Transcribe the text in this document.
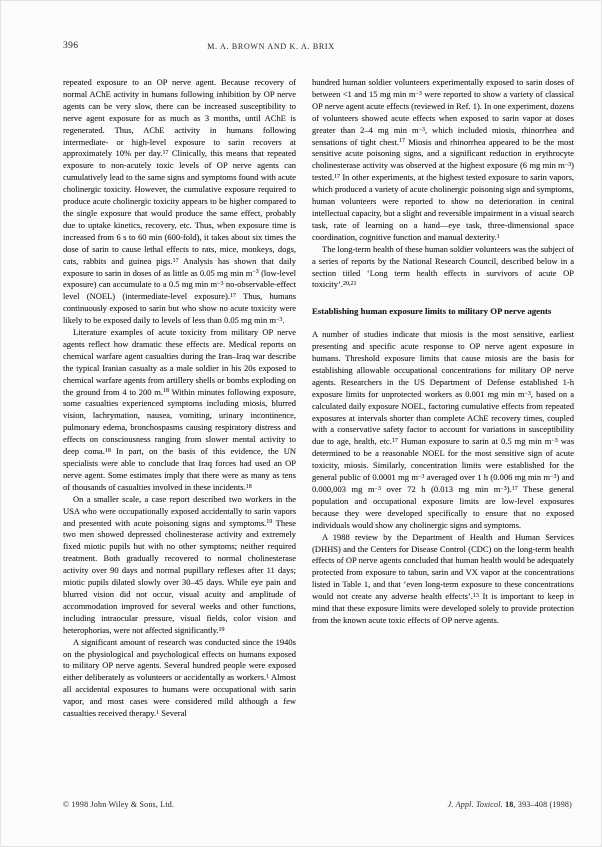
396	M. A. BROWN AND K. A. BRIX

repeated exposure to an OP nerve agent. Because recovery of normal AChE activity in humans following inhibition by OP nerve agents can be very slow, there can be increased susceptibility to nerve agent exposure for as much as 3 months, until AChE is regenerated. Thus, AChE activity in humans following intermediate- or high-level exposure to sarin recovers at approximately 10% per day.$^{17}$ Clinically, this means that repeated exposure to non-acutely toxic levels of OP nerve agents can cumulatively lead to the same signs and symptoms found with acute cholinergic toxicity. However, the cumulative exposure required to produce acute cholinergic toxicity appears to be higher compared to the single exposure that would produce the same effect, probably due to uptake kinetics, recovery, etc. Thus, when exposure time is increased from 6 s to 60 min (600-fold), it takes about six times the dose of sarin to cause lethal effects to rats, mice, monkeys, dogs, cats, rabbits and guinea pigs.$^{17}$ Analysis has shown that daily exposure to sarin in doses of as little as 0.05 mg $\min m^{-3}$ (low-level exposure) can accumulate to a 0.5 mg $\min m^{-3}$ no-observable-effect level (NOEL) (intermediate-level exposure).$^{17}$ Thus, humans continuously exposed to sarin but who show no acute toxicity were likely to be exposed daily to levels of less than 0.05 mg $\min m^{-3}$.

Literature examples of acute toxicity from military OP nerve agents reflect how dramatic these effects are. Medical reports on chemical warfare agent casualties during the Iran–Iraq war describe the typical Iranian casualty as a male soldier in his 20s exposed to chemical warfare agents from artillery shells or bombs exploding on the ground from 4 to 200 m.$^{18}$ Within minutes following exposure, some casualties experienced symptoms including miosis, blurred vision, lachrymation, nausea, vomiting, urinary incontinence, pulmonary edema, bronchospasms causing respiratory distress and effects on consciousness ranging from slower mental activity to deep coma.$^{18}$ In part, on the basis of this evidence, the UN specialists were able to conclude that Iraq forces had used an OP nerve agent. Some estimates imply that there were as many as tens of thousands of casualties involved in these incidents.$^{18}$

On a smaller scale, a case report described two workers in the USA who were occupationally exposed accidentally to sarin vapors and presented with acute poisoning signs and symptoms.$^{19}$ These two men showed depressed cholinesterase activity and extremely fixed miotic pupils but with no other symptoms; neither required treatment. Both gradually recovered to normal cholinesterase activity over 90 days and normal pupillary reflexes after 11 days; miotic pupils dilated slowly over 30–45 days. While eye pain and blurred vision did not occur, visual acuity and amplitude of accommodation improved for several weeks and other functions, including intraocular pressure, visual fields, color vision and heterophorias, were not affected significantly.$^{19}$

A significant amount of research was conducted since the 1940s on the physiological and psychological effects on humans exposed to military OP nerve agents. Several hundred people were exposed either deliberately as volunteers or accidentally as workers.$^1$ Almost all accidental exposures to humans were occupational with sarin vapor, and most cases were considered mild although a few casualties received therapy.$^1$ Several

hundred human soldier volunteers experimentally exposed to sarin doses of between <1 and 15 mg $\min m^{-3}$ were reported to show a variety of classical OP nerve agent acute effects (reviewed in Ref. 1). In one experiment, dozens of volunteers showed acute effects when exposed to sarin vapor at doses greater than 2–4 mg $\min m^{-3}$, which included miosis, rhinorrhea and sensations of tight chest.$^{17}$ Miosis and rhinorrhea appeared to be the most sensitive acute poisoning signs, and a significant reduction in erythrocyte cholinesterase activity was observed at the highest exposure (6 mg $\min m^{-3}$) tested.$^{17}$ In other experiments, at the highest tested exposure to sarin vapors, which produced a variety of acute cholinergic poisoning sign and symptoms, human volunteers were reported to show no deterioration in central intellectual capacity, but a slight and reversible impairment in a visual search task, rate of learning on a hand—eye task, three-dimensional space coordination, cognitive function and manual dexterity.$^1$

The long-term health of these human soldier volunteers was the subject of a series of reports by the National Research Council, described below in a section titled ‘Long term health effects in survivors of acute OP toxicity’.$^{20,21}$

Establishing human exposure limits to military OP nerve agents

A number of studies indicate that miosis is the most sensitive, earliest presenting and specific acute response to OP nerve agent exposure in humans. Threshold exposure limits that cause miosis are the basis for establishing allowable occupational concentrations for military OP nerve agents. Researchers in the US Department of Defense established 1-h exposure limits for unprotected workers as 0.001 mg $\min m^{-3}$, based on a calculated daily exposure NOEL, factoring cumulative effects from repeated exposures at intervals shorter than complete AChE recovery times, coupled with a conservative safety factor to account for variations in susceptibility due to age, health, etc.$^{17}$ Human exposure to sarin at 0.5 mg $\min m^{-3}$ was determined to be a reasonable NOEL for the most sensitive sign of acute toxicity, miosis. Similarly, concentration limits were established for the general public of 0.0001 mg $m^{-3}$ averaged over 1 h (0.006 mg $\min m^{-3}$) and 0.000,003 mg $m^{-3}$ over 72 h (0.013 mg $\min m^{-3}).^{17}$ These general population and occupational exposure limits are low-level exposures because they were developed specifically to ensure that no exposed individuals would show any cholinergic signs and symptoms.

A 1988 review by the Department of Health and Human Services (DHHS) and the Centers for Disease Control (CDC) on the long-term health effects of OP nerve agents concluded that human health would be adequately protected from exposure to tabun, sarin and VX vapor at the concentrations listed in Table 1, and that ‘even long-term exposure to these concentrations would not create any adverse health effects’.$^{13}$ It is important to keep in mind that these exposure limits were developed solely to provide protection from the known acute toxic effects of OP nerve agents.

© 1998 John Wiley & Sons, Ltd.	J. Appl. Toxicol. 18, 393–408 (1998)
